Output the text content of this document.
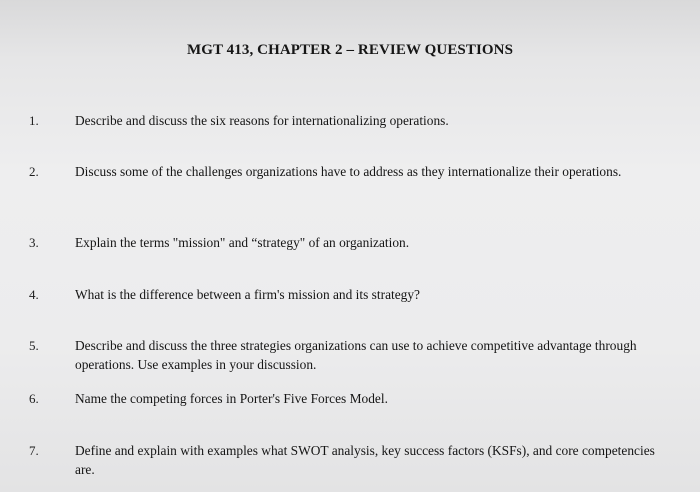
MGT 413, CHAPTER 2 – REVIEW QUESTIONS
1.	Describe and discuss the six reasons for internationalizing operations.
2.	Discuss some of the challenges organizations have to address as they internationalize their operations.
3.	Explain the terms "mission" and “strategy" of an organization.
4.	What is the difference between a firm's mission and its strategy?
5.	Describe and discuss the three strategies organizations can use to achieve competitive advantage through operations. Use examples in your discussion.
6.	Name the competing forces in Porter's Five Forces Model.
7.	Define and explain with examples what SWOT analysis, key success factors (KSFs), and core competencies are.
